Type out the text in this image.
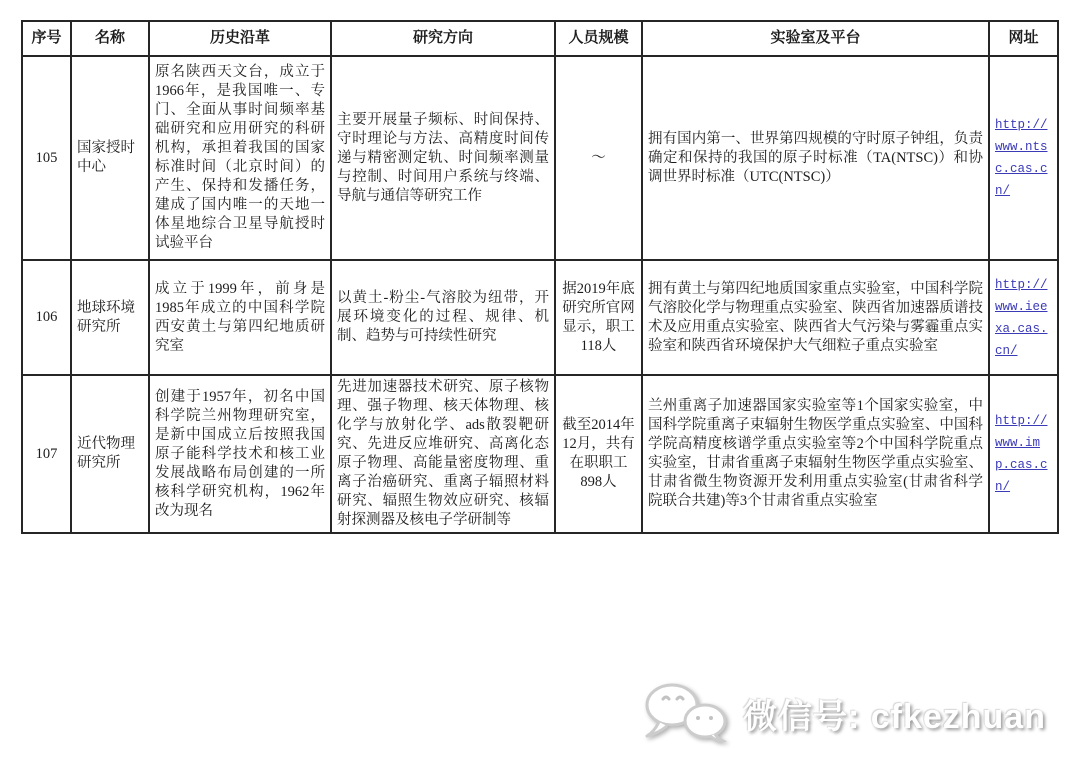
序号	名称	历史沿革	研究方向	人员规模	实验室及平台	网址
105	国家授时中心	原名陕西天文台，成立于1966年，是我国唯一、专门、全面从事时间频率基础研究和应用研究的科研机构，承担着我国的国家标准时间（北京时间）的产生、保持和发播任务，建成了国内唯一的天地一体星地综合卫星导航授时试验平台	主要开展量子频标、时间保持、守时理论与方法、高精度时间传递与精密测定轨、时间频率测量与控制、时间用户系统与终端、导航与通信等研究工作	～	拥有国内第一、世界第四规模的守时原子钟组，负责确定和保持的我国的原子时标准（TA(NTSC)）和协调世界时标准（UTC(NTSC)）	http://www.ntsc.cas.cn/
106	地球环境研究所	成立于1999年，前身是1985年成立的中国科学院西安黄土与第四纪地质研究室	以黄土-粉尘-气溶胶为纽带，开展环境变化的过程、规律、机制、趋势与可持续性研究	据2019年底研究所官网显示，职工118人	拥有黄土与第四纪地质国家重点实验室，中国科学院气溶胶化学与物理重点实验室、陕西省加速器质谱技术及应用重点实验室、陕西省大气污染与雾霾重点实验室和陕西省环境保护大气细粒子重点实验室	http://www.ieexa.cas.cn/
107	近代物理研究所	创建于1957年，初名中国科学院兰州物理研究室，是新中国成立后按照我国原子能科学技术和核工业发展战略布局创建的一所核科学研究机构，1962年改为现名	先进加速器技术研究、原子核物理、强子物理、核天体物理、核化学与放射化学、ads散裂靶研究、先进反应堆研究、高离化态原子物理、高能量密度物理、重离子治癌研究、重离子辐照材料研究、辐照生物效应研究、核辐射探测器及核电子学研制等	截至2014年12月，共有在职职工898人	兰州重离子加速器国家实验室等1个国家实验室，中国科学院重离子束辐射生物医学重点实验室、中国科学院高精度核谱学重点实验室等2个中国科学院重点实验室，甘肃省重离子束辐射生物医学重点实验室、甘肃省微生物资源开发利用重点实验室(甘肃省科学院联合共建)等3个甘肃省重点实验室	http://www.imp.cas.cn/
微信号: cfkezhuan
